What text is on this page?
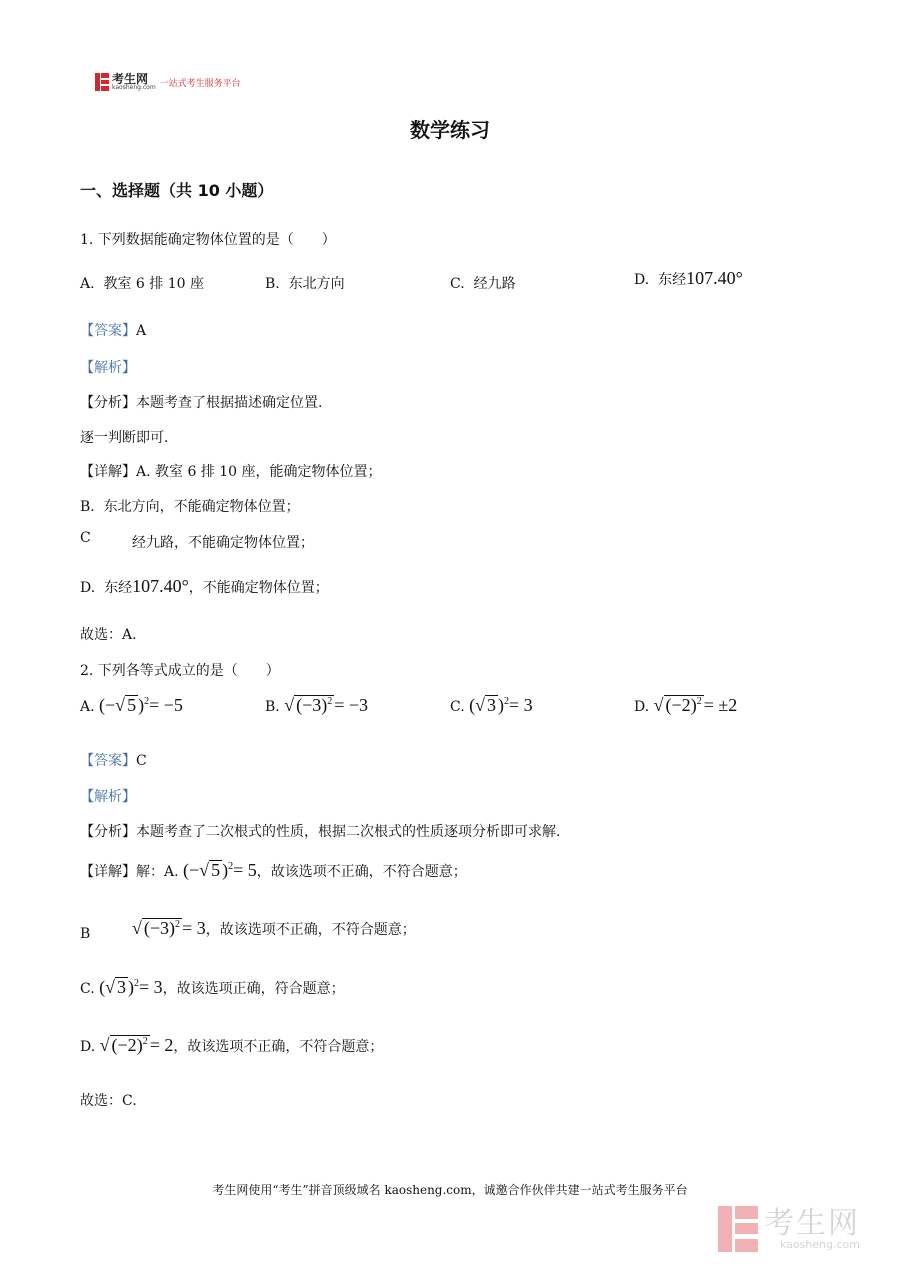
考生网
kaosheng.com 一站式考生服务平台
数学练习
一、选择题（共 10 小题）
1. 下列数据能确定物体位置的是（　　）
A. 教室 6 排 10 座	B. 东北方向	C. 经九路	D. 东经107.40°
【答案】A
【解析】
【分析】本题考查了根据描述确定位置.
逐一判断即可.
【详解】A. 教室 6 排 10 座，能确定物体位置；
B. 东北方向，不能确定物体位置；
C	经九路，不能确定物体位置；
D. 东经107.40°，不能确定物体位置；
故选：A.
2. 下列各等式成立的是（　　）
A. (−√ 5 )$^2$= −5	B. √ $(-3)^2 = -3$	C. (√ 3 )$^2$= 3	D. √ $(-2)^2 = \pm 2$
【答案】C
【解析】
【分析】本题考查了二次根式的性质，根据二次根式的性质逐项分析即可求解.
【详解】解：A. (−√ 5 )$^2$= 5，故该选项不正确，不符合题意；
B √ $(-3)^2 = 3$，故该选项不正确，不符合题意；
C. (√ 3 )$^2$= 3，故该选项正确，符合题意；
D. √ $(-2)^2 = 2$，故该选项不正确，不符合题意；
故选：C.
考生网使用“考生”拼音顶级域名 kaosheng.com，诚邀合作伙伴共建一站式考生服务平台
考生网
kaosheng.com
